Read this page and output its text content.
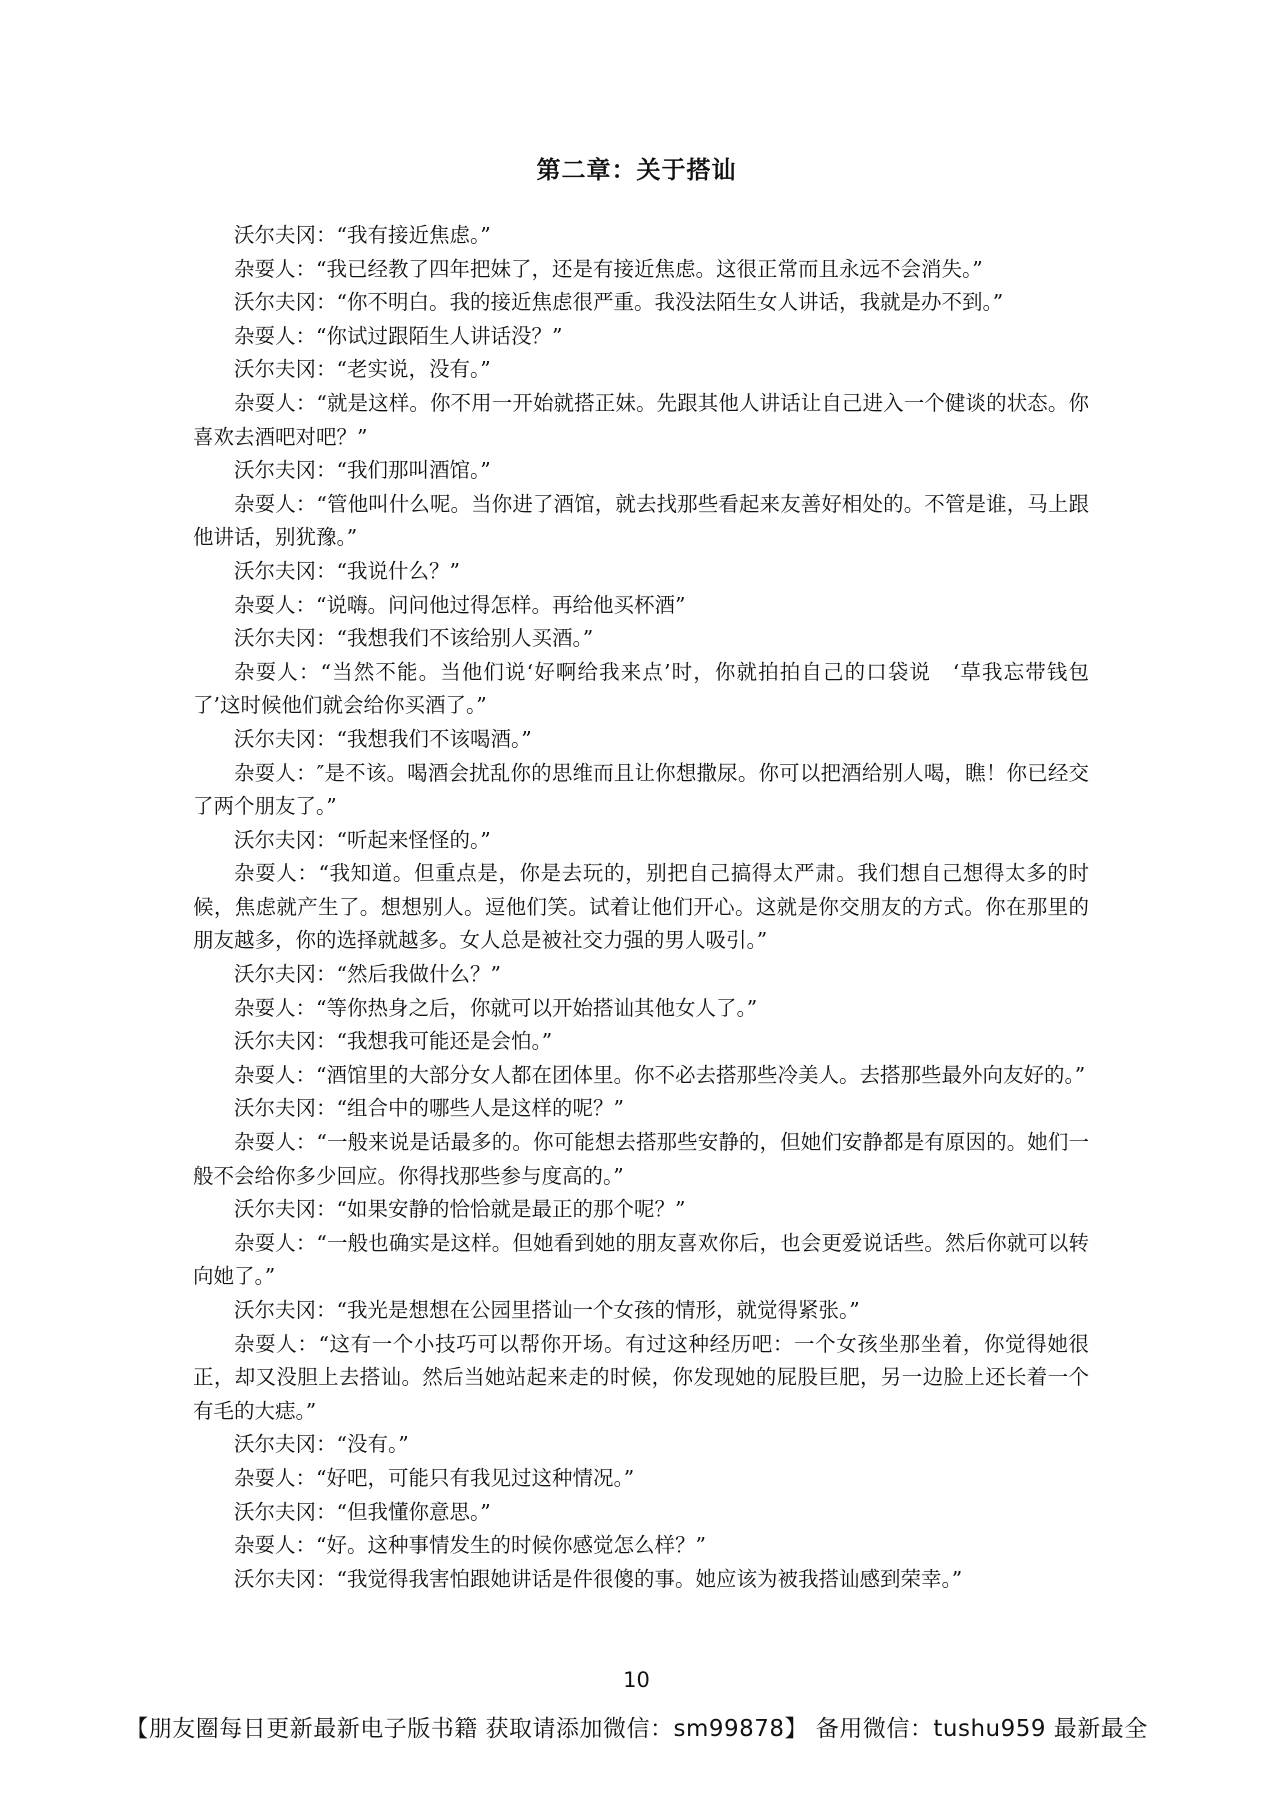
第二章：关于搭讪

沃尔夫冈：“我有接近焦虑。”

杂耍人：“我已经教了四年把妹了，还是有接近焦虑。这很正常而且永远不会消失。”

沃尔夫冈：“你不明白。我的接近焦虑很严重。我没法陌生女人讲话，我就是办不到。”

杂耍人：“你试过跟陌生人讲话没？”

沃尔夫冈：“老实说，没有。”

杂耍人：“就是这样。你不用一开始就搭正妹。先跟其他人讲话让自己进入一个健谈的状态。你喜欢去酒吧对吧？”

沃尔夫冈：“我们那叫酒馆。”

杂耍人：“管他叫什么呢。当你进了酒馆，就去找那些看起来友善好相处的。不管是谁，马上跟他讲话，别犹豫。”

沃尔夫冈：“我说什么？”

杂耍人：“说嗨。问问他过得怎样。再给他买杯酒”

沃尔夫冈：“我想我们不该给别人买酒。”

杂耍人：“当然不能。当他们说‘好啊给我来点’时，你就拍拍自己的口袋说　‘草我忘带钱包了’这时候他们就会给你买酒了。”

沃尔夫冈：“我想我们不该喝酒。”

杂耍人：″是不该。喝酒会扰乱你的思维而且让你想撒尿。你可以把酒给别人喝，瞧！你已经交了两个朋友了。”

沃尔夫冈：“听起来怪怪的。”

杂耍人：“我知道。但重点是，你是去玩的，别把自己搞得太严肃。我们想自己想得太多的时候，焦虑就产生了。想想别人。逗他们笑。试着让他们开心。这就是你交朋友的方式。你在那里的朋友越多，你的选择就越多。女人总是被社交力强的男人吸引。”

沃尔夫冈：“然后我做什么？”

杂耍人：“等你热身之后，你就可以开始搭讪其他女人了。”

沃尔夫冈：“我想我可能还是会怕。”

杂耍人：“酒馆里的大部分女人都在团体里。你不必去搭那些冷美人。去搭那些最外向友好的。”

沃尔夫冈：“组合中的哪些人是这样的呢？”

杂耍人：“一般来说是话最多的。你可能想去搭那些安静的，但她们安静都是有原因的。她们一般不会给你多少回应。你得找那些参与度高的。”

沃尔夫冈：“如果安静的恰恰就是最正的那个呢？”

杂耍人：“一般也确实是这样。但她看到她的朋友喜欢你后，也会更爱说话些。然后你就可以转向她了。”

沃尔夫冈：“我光是想想在公园里搭讪一个女孩的情形，就觉得紧张。”

杂耍人：“这有一个小技巧可以帮你开场。有过这种经历吧：一个女孩坐那坐着，你觉得她很正，却又没胆上去搭讪。然后当她站起来走的时候，你发现她的屁股巨肥，另一边脸上还长着一个有毛的大痣。”

沃尔夫冈：“没有。”

杂耍人：“好吧，可能只有我见过这种情况。”

沃尔夫冈：“但我懂你意思。”

杂耍人：“好。这种事情发生的时候你感觉怎么样？”

沃尔夫冈：“我觉得我害怕跟她讲话是件很傻的事。她应该为被我搭讪感到荣幸。”

10
【朋友圈每日更新最新电子版书籍 获取请添加微信：sm99878】 备用微信：tushu959 最新最全
